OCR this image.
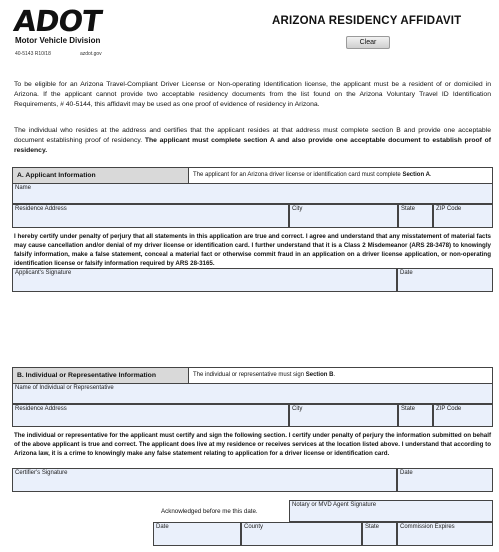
ADOT
Motor Vehicle Division
40-5143 R10/18	azdot.gov
ARIZONA RESIDENCY AFFIDAVIT
Clear
To be eligible for an Arizona Travel-Compliant Driver License or Non-operating Identification license, the applicant must be a resident of or domiciled in Arizona. If the applicant cannot provide two acceptable residency documents from the list found on the Arizona Voluntary Travel ID Identification Requirements, # 40-5144, this affidavit may be used as one proof of evidence of residency in Arizona.
The individual who resides at the address and certifies that the applicant resides at that address must complete section B and provide one acceptable document establishing proof of residency. The applicant must complete section A and also provide one acceptable document to establish proof of residency.
A. Applicant Information	The applicant for an Arizona driver license or identification card must complete Section A.
Name
Residence Address	City	State	ZIP Code
I hereby certify under penalty of perjury that all statements in this application are true and correct. I agree and understand that any misstatement of material facts may cause cancellation and/or denial of my driver license or identification card. I further understand that it is a Class 2 Misdemeanor (ARS 28-3478) to knowingly falsify information, make a false statement, conceal a material fact or otherwise commit fraud in an application on a driver license application, or non-operating identification license or falsify information required by ARS 28-3165.
Applicant's Signature	Date
B. Individual or Representative Information	The individual or representative must sign Section B.
Name of Individual or Representative
Residence Address	City	State	ZIP Code
The individual or representative for the applicant must certify and sign the following section. I certify under penalty of perjury the information submitted on behalf of the above applicant is true and correct. The applicant does live at my residence or receives services at the location listed above. I understand that according to Arizona law, it is a crime to knowingly make any false statement relating to application for a driver license or identification card.
Certifier's Signature	Date
Acknowledged before me this date.
Notary or MVD Agent Signature
Date	County	State	Commission Expires
